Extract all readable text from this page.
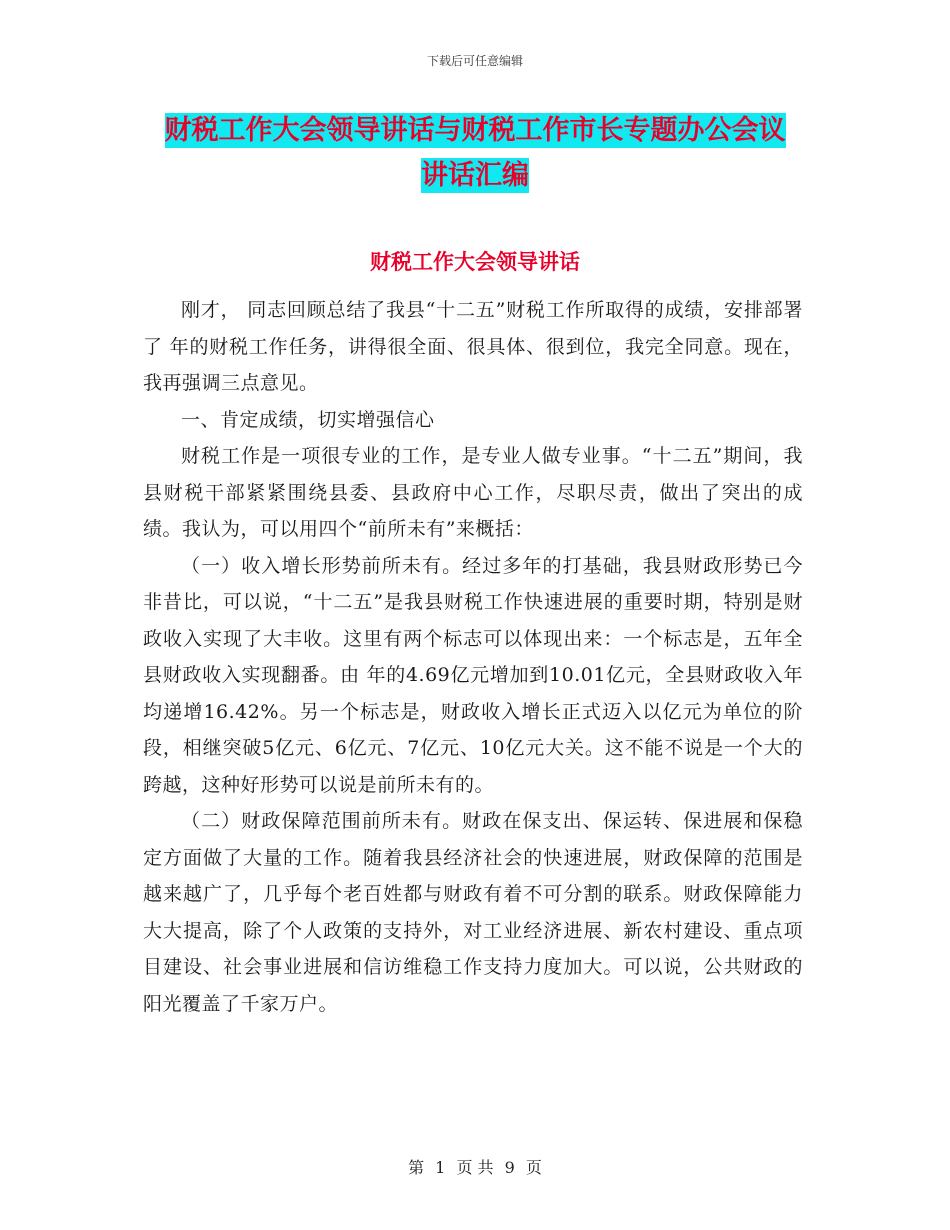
下载后可任意编辑
财税工作大会领导讲话与财税工作市长专题办公会议
讲话汇编
财税工作大会领导讲话

刚才， 同志回顾总结了我县“十二五”财税工作所取得的成绩，安排部署了 年的财税工作任务，讲得很全面、很具体、很到位，我完全同意。现在，我再强调三点意见。

一、肯定成绩，切实增强信心

财税工作是一项很专业的工作，是专业人做专业事。“十二五”期间，我县财税干部紧紧围绕县委、县政府中心工作，尽职尽责，做出了突出的成绩。我认为，可以用四个“前所未有”来概括：

（一）收入增长形势前所未有。经过多年的打基础，我县财政形势已今非昔比，可以说，“十二五”是我县财税工作快速进展的重要时期，特别是财政收入实现了大丰收。这里有两个标志可以体现出来：一个标志是，五年全县财政收入实现翻番。由 年的4.69亿元增加到10.01亿元，全县财政收入年均递增16.42%。另一个标志是，财政收入增长正式迈入以亿元为单位的阶段，相继突破5亿元、6亿元、7亿元、10亿元大关。这不能不说是一个大的跨越，这种好形势可以说是前所未有的。

（二）财政保障范围前所未有。财政在保支出、保运转、保进展和保稳定方面做了大量的工作。随着我县经济社会的快速进展，财政保障的范围是越来越广了，几乎每个老百姓都与财政有着不可分割的联系。财政保障能力大大提高，除了个人政策的支持外，对工业经济进展、新农村建设、重点项目建设、社会事业进展和信访维稳工作支持力度加大。可以说，公共财政的阳光覆盖了千家万户。

第 1 页 共 9 页
